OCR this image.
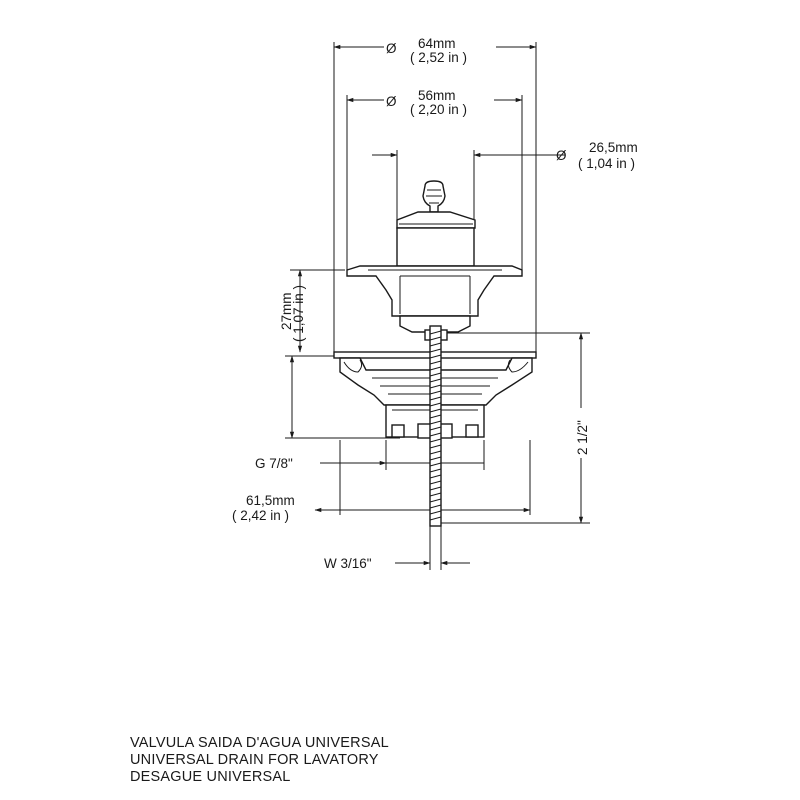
Ø 64mm
( 2,52 in )
Ø 56mm
( 2,20 in )
Ø
26,5mm
( 1,04 in )
27mm
( 1,07 in )
2 1/2"
G 7/8"
61,5mm
( 2,42 in )
W 3/16"
VALVULA SAIDA D'AGUA UNIVERSAL
UNIVERSAL DRAIN FOR LAVATORY
DESAGUE UNIVERSAL
